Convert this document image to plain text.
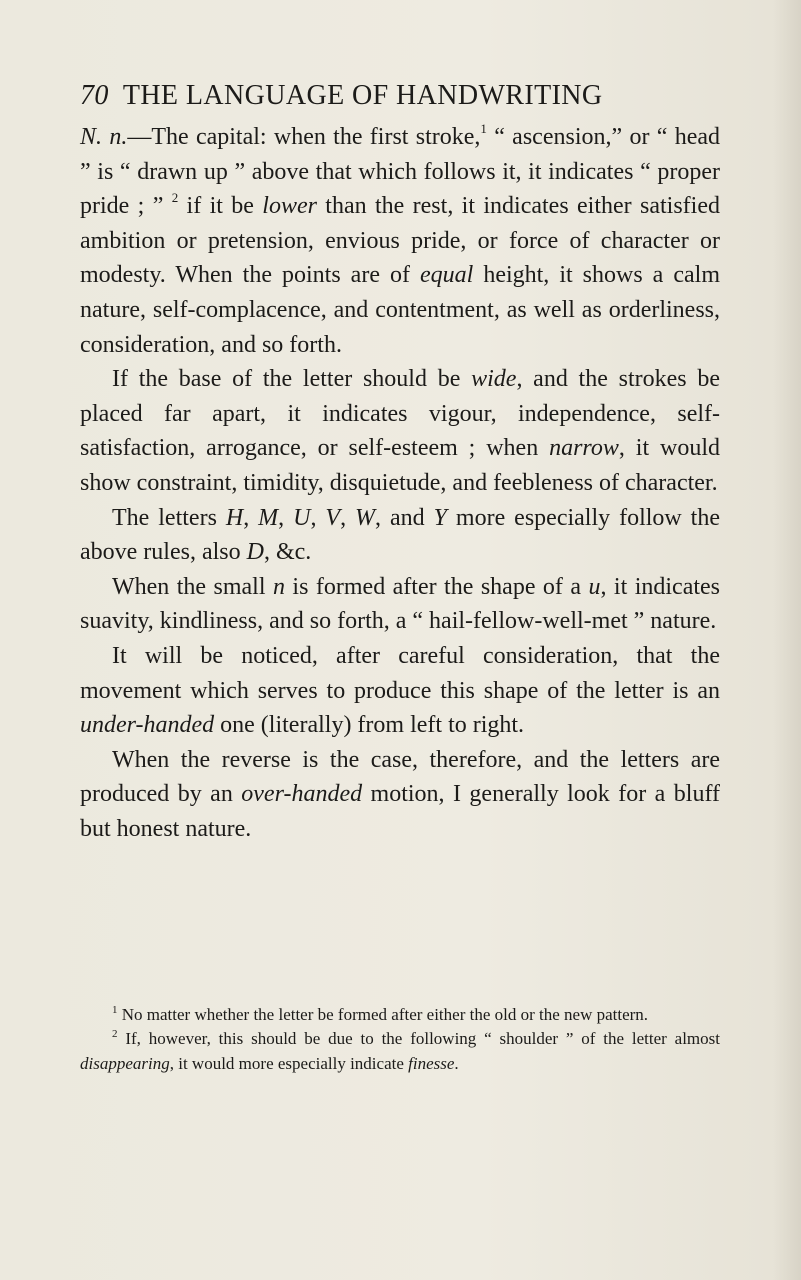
70 THE LANGUAGE OF HANDWRITING

N. n.—The capital: when the first stroke,$^1$ “ ascension,” or “ head ” is “ drawn up ” above that which follows it, it indicates “ proper pride ; ” $^2$ if it be lower than the rest, it indicates either satisfied ambition or pretension, envious pride, or force of character or modesty. When the points are of equal height, it shows a calm nature, self-complacence, and contentment, as well as orderliness, consideration, and so forth.

If the base of the letter should be wide, and the strokes be placed far apart, it indicates vigour, independence, self-satisfaction, arrogance, or self-esteem ; when narrow, it would show constraint, timidity, disquietude, and feebleness of character.

The letters H, M, U, V, W, and Y more especially follow the above rules, also D, &c.

When the small n is formed after the shape of a u, it indicates suavity, kindliness, and so forth, a “ hail-fellow-well-met ” nature.

It will be noticed, after careful consideration, that the movement which serves to produce this shape of the letter is an under-handed one (literally) from left to right.

When the reverse is the case, therefore, and the letters are produced by an over-handed motion, I generally look for a bluff but honest nature.

$^1$ No matter whether the letter be formed after either the old or the new pattern.

$^2$ If, however, this should be due to the following “ shoulder ” of the letter almost disappearing, it would more especially indicate finesse.
